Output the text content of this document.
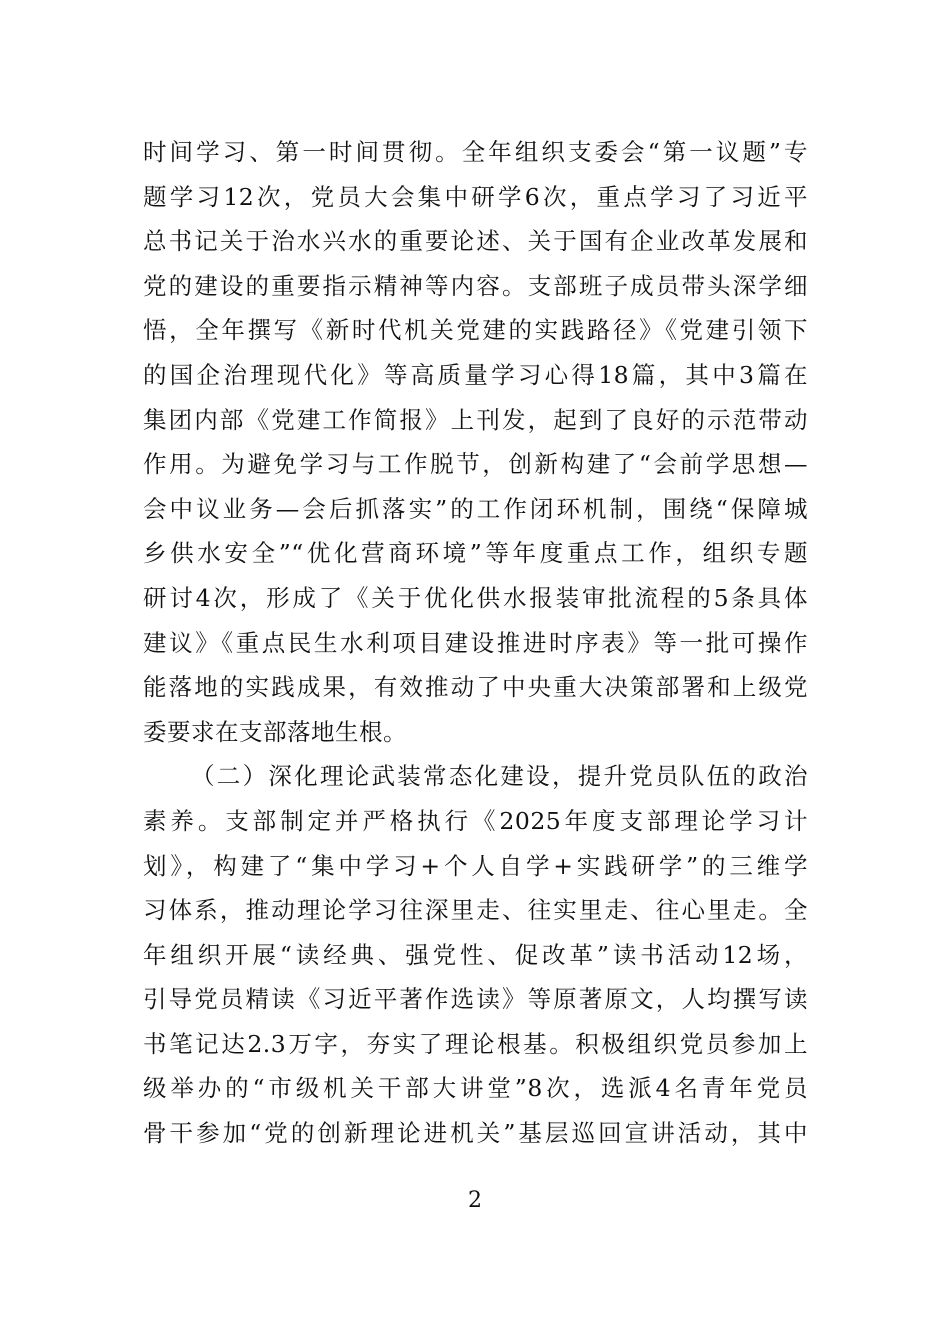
时间学习、第一时间贯彻。全年组织支委会“第一议题”专
题学习12次，党员大会集中研学6次，重点学习了习近平
总书记关于治水兴水的重要论述、关于国有企业改革发展和
党的建设的重要指示精神等内容。支部班子成员带头深学细
悟，全年撰写《新时代机关党建的实践路径》《党建引领下
的国企治理现代化》等高质量学习心得18篇，其中3篇在
集团内部《党建工作简报》上刊发，起到了良好的示范带动
作用。为避免学习与工作脱节，创新构建了“会前学思想—
会中议业务—会后抓落实”的工作闭环机制，围绕“保障城
乡供水安全”“优化营商环境”等年度重点工作，组织专题
研讨4次，形成了《关于优化供水报装审批流程的5条具体
建议》《重点民生水利项目建设推进时序表》等一批可操作
能落地的实践成果，有效推动了中央重大决策部署和上级党
委要求在支部落地生根。
（二）深化理论武装常态化建设，提升党员队伍的政治
素养。支部制定并严格执行《2025年度支部理论学习计
划》，构建了“集中学习+个人自学+实践研学”的三维学
习体系，推动理论学习往深里走、往实里走、往心里走。全
年组织开展“读经典、强党性、促改革”读书活动12场，
引导党员精读《习近平著作选读》等原著原文，人均撰写读
书笔记达2.3万字，夯实了理论根基。积极组织党员参加上
级举办的“市级机关干部大讲堂”8次，选派4名青年党员
骨干参加“党的创新理论进机关”基层巡回宣讲活动，其中
2
